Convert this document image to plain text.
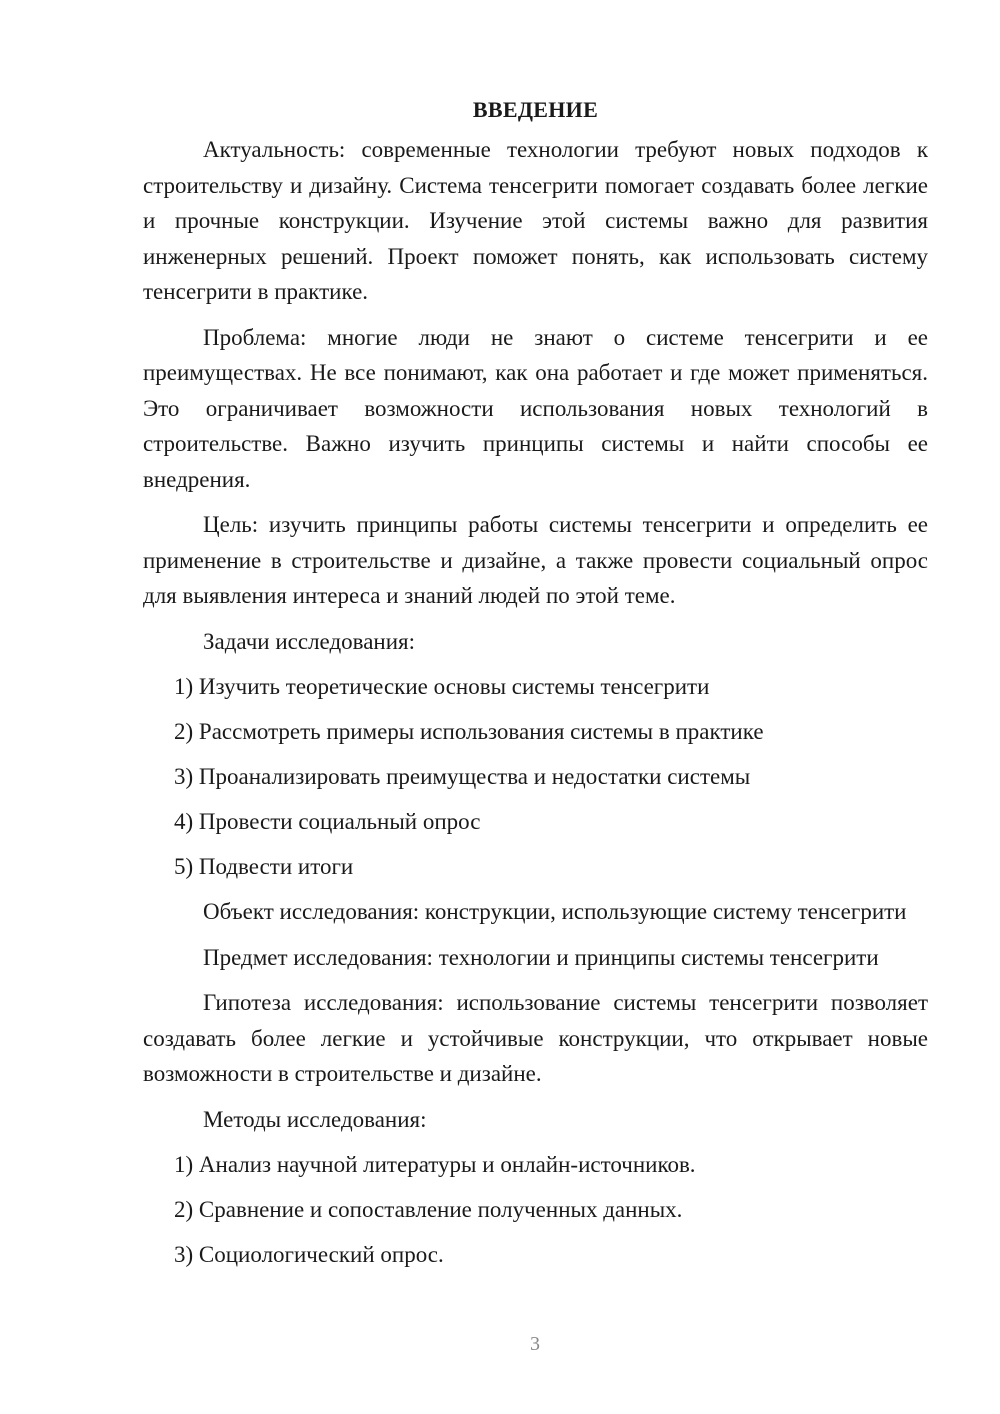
ВВЕДЕНИЕ

Актуальность: современные технологии требуют новых подходов к строительству и дизайну. Система тенсегрити помогает создавать более легкие и прочные конструкции. Изучение этой системы важно для развития инженерных решений. Проект поможет понять, как использовать систему тенсегрити в практике.

Проблема: многие люди не знают о системе тенсегрити и ее преимуществах. Не все понимают, как она работает и где может применяться. Это ограничивает возможности использования новых технологий в строительстве. Важно изучить принципы системы и найти способы ее внедрения.

Цель: изучить принципы работы системы тенсегрити и определить ее применение в строительстве и дизайне, а также провести социальный опрос для выявления интереса и знаний людей по этой теме.

Задачи исследования:

1) Изучить теоретические основы системы тенсегрити
2) Рассмотреть примеры использования системы в практике
3) Проанализировать преимущества и недостатки системы
4) Провести социальный опрос
5) Подвести итоги

Объект исследования: конструкции, использующие систему тенсегрити

Предмет исследования: технологии и принципы системы тенсегрити

Гипотеза исследования: использование системы тенсегрити позволяет создавать более легкие и устойчивые конструкции, что открывает новые возможности в строительстве и дизайне.

Методы исследования:

1) Анализ научной литературы и онлайн-источников.
2) Сравнение и сопоставление полученных данных.
3) Социологический опрос.
3
